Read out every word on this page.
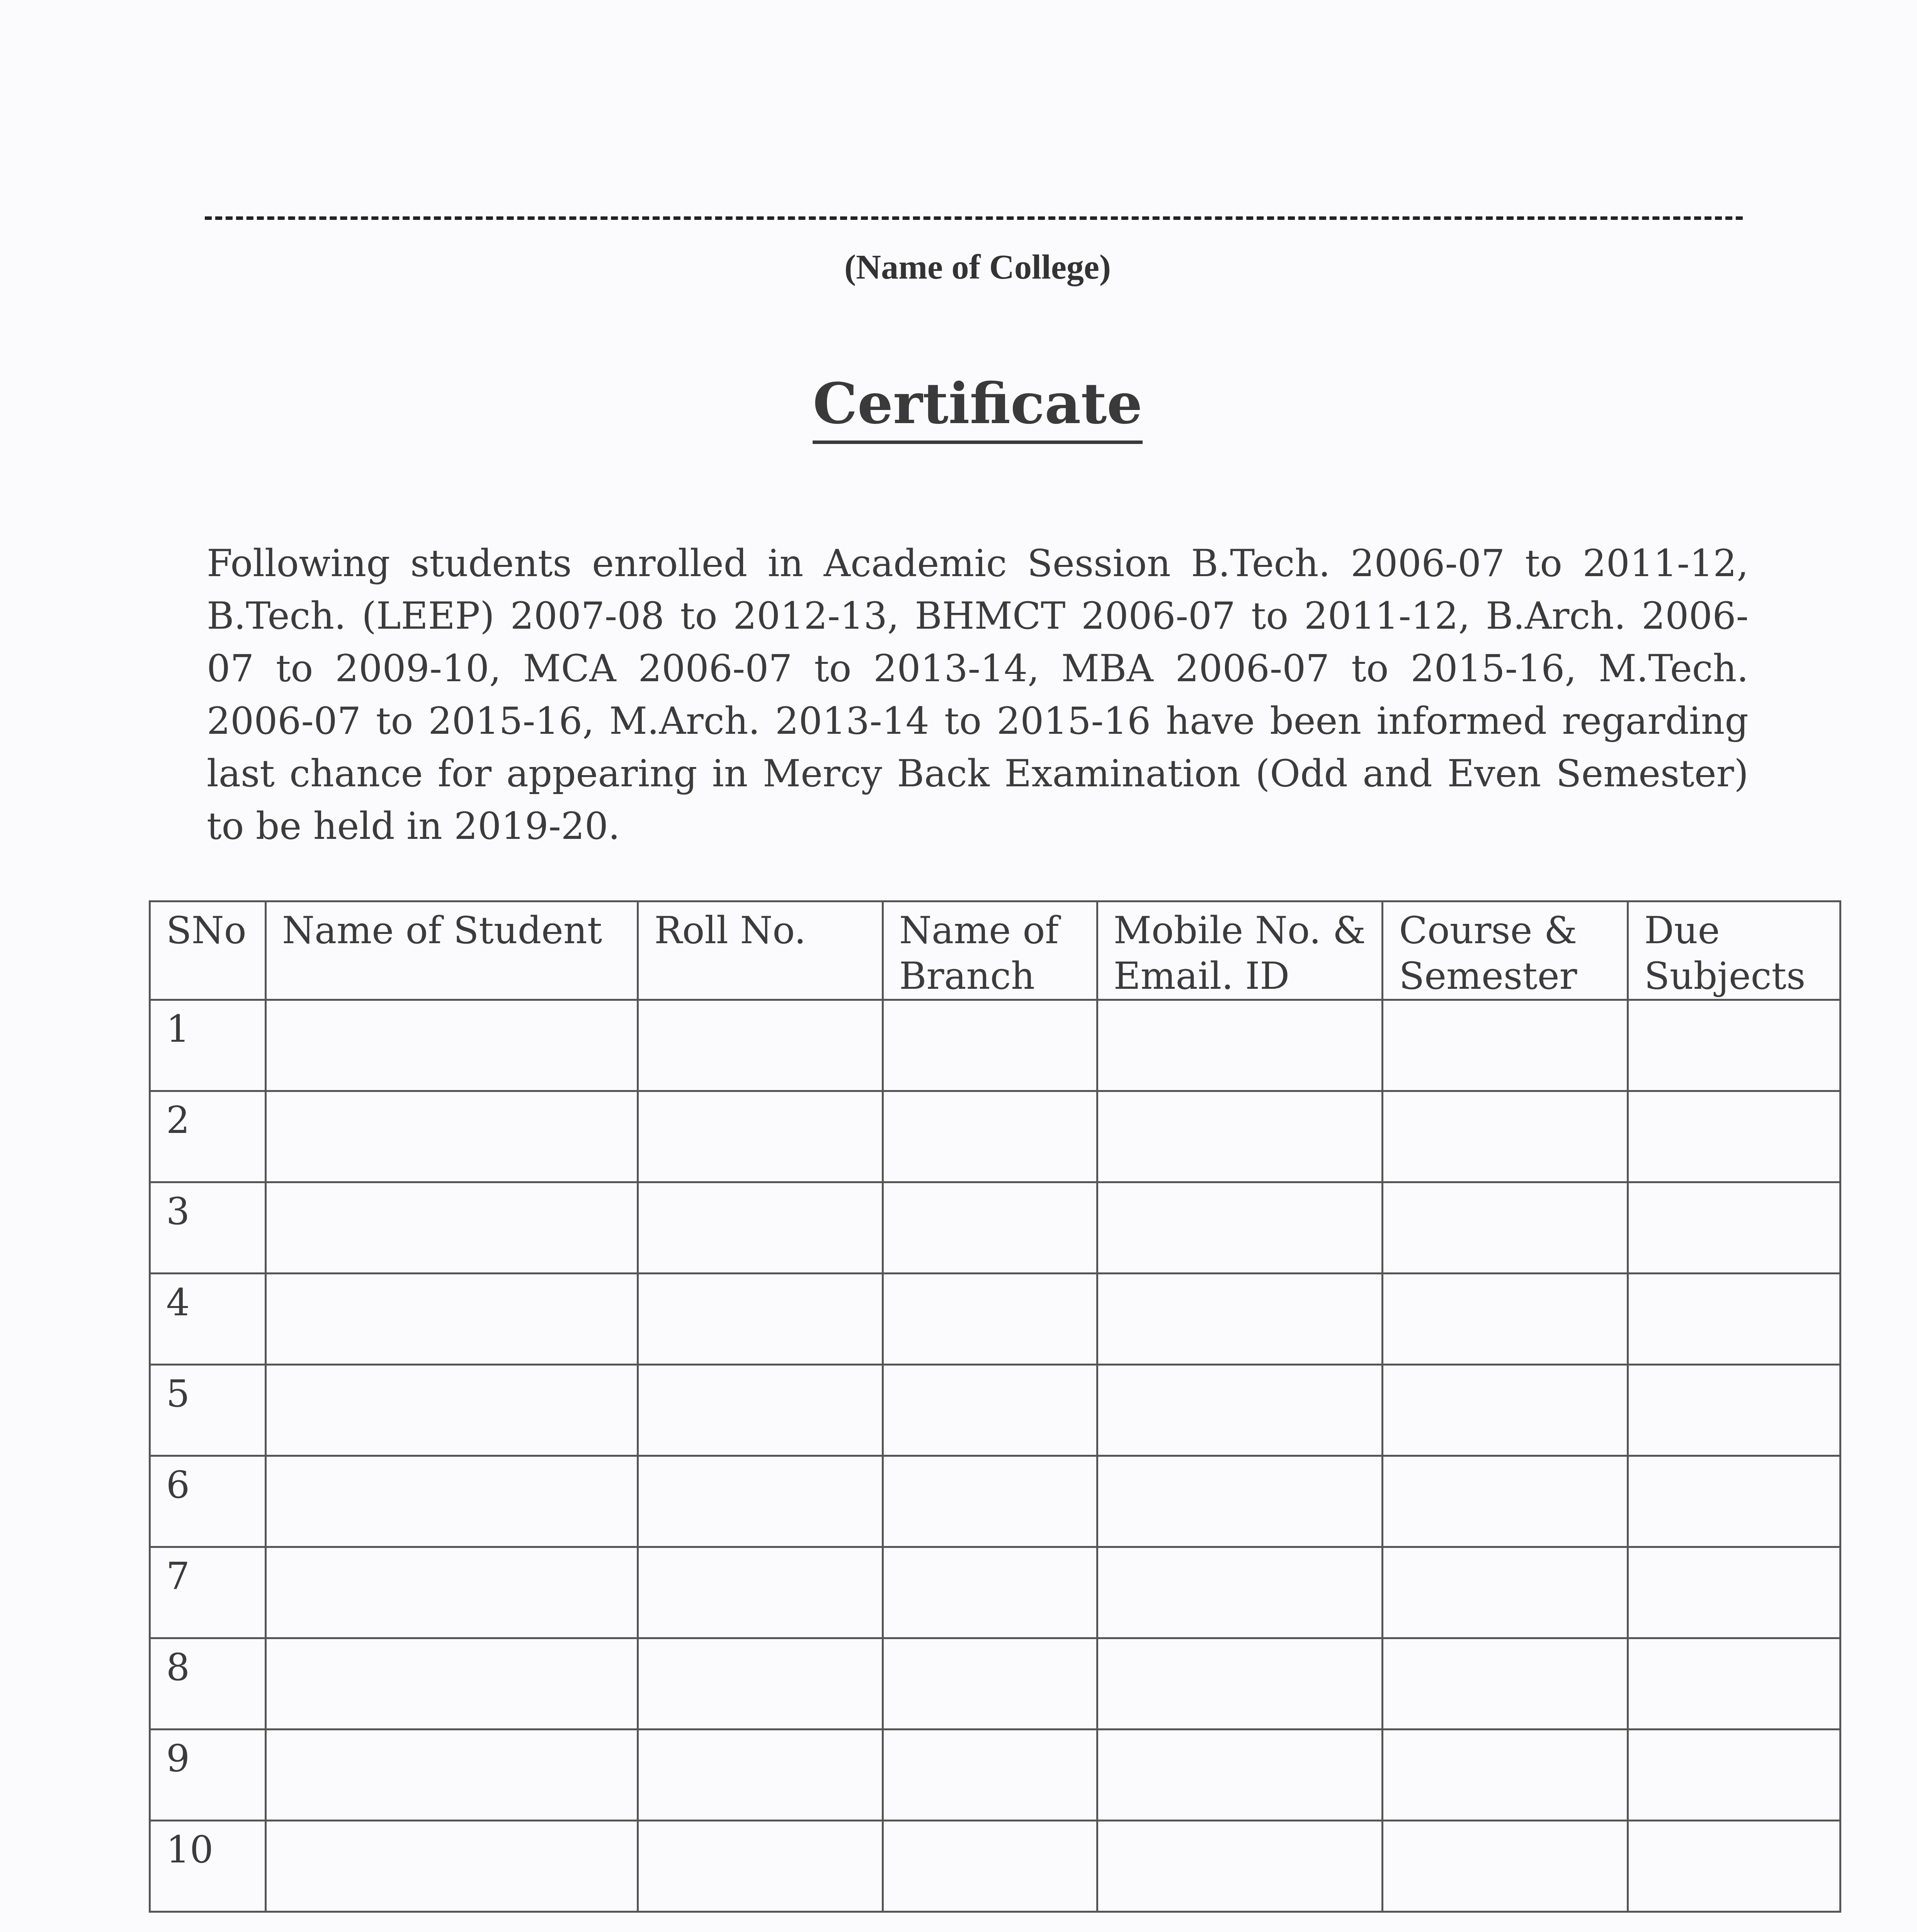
(Name of College)
Certificate
Following students enrolled in Academic Session B.Tech. 2006-07 to 2011-12, B.Tech. (LEEP) 2007-08 to 2012-13, BHMCT 2006-07 to 2011-12, B.Arch. 2006-07 to 2009-10, MCA 2006-07 to 2013-14, MBA 2006-07 to 2015-16, M.Tech. 2006-07 to 2015-16, M.Arch. 2013-14 to 2015-16 have been informed regarding last chance for appearing in Mercy Back Examination (Odd and Even Semester) to be held in 2019-20.
SNo	Name of Student	Roll No.	Name of Branch	Mobile No. & Email. ID	Course & Semester	Due Subjects
1						
2						
3						
4						
5						
6						
7						
8						
9						
10						
